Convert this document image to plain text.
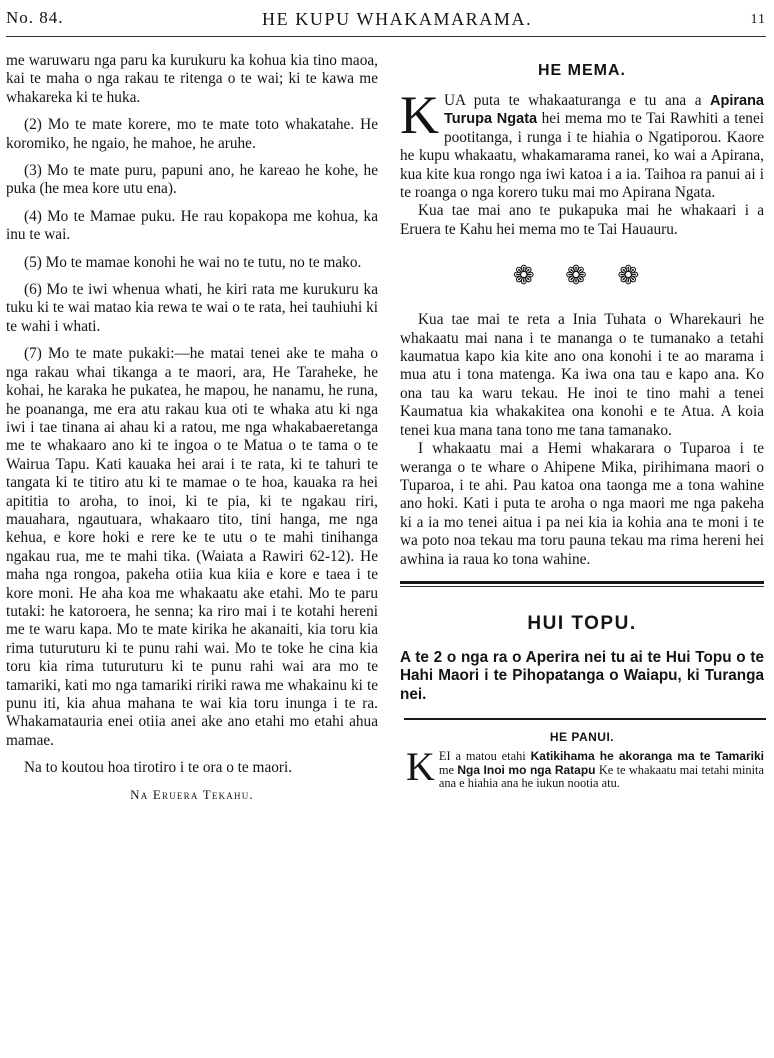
No. 84.	HE KUPU WHAKAMARAMA.	11

me waruwaru nga paru ka kurukuru ka kohua kia tino maoa, kai te maha o nga rakau te ritenga o te wai; ki te kawa me whakareka ki te huka.

(2) Mo te mate korere, mo te mate toto whakatahe. He koromiko, he ngaio, he mahoe, he aruhe.

(3) Mo te mate puru, papuni ano, he kareao he kohe, he puka (he mea kore utu ena).

(4) Mo te Mamae puku. He rau kopakopa me kohua, ka inu te wai.

(5) Mo te mamae konohi he wai no te tutu, no te mako.

(6) Mo te iwi whenua whati, he kiri rata me kurukuru ka tuku ki te wai matao kia rewa te wai o te rata, hei tauhiuhi ki te wahi i whati.

(7) Mo te mate pukaki:—he matai tenei ake te maha o nga rakau whai tikanga a te maori, ara, He Taraheke, he kohai, he karaka he pukatea, he mapou, he nanamu, he runa, he poananga, me era atu rakau kua oti te whaka atu ki nga iwi i tae tinana ai ahau ki a ratou, me nga whakabaeretanga me te whakaaro ano ki te ingoa o te Matua o te tama o te Wairua Tapu. Kati kauaka hei arai i te rata, ki te tahuri te tangata ki te titiro atu ki te mamae o te hoa, kauaka ra hei apititia to aroha, to inoi, ki te pia, ki te ngakau riri, mauahara, ngautuara, whakaaro tito, tini hanga, me nga kehua, e kore hoki e rere ke te utu o te mahi tinihanga ngakau rua, me te mahi tika. (Waiata a Rawiri 62-12). He maha nga rongoa, pakeha otiia kua kiia e kore e taea i te kore moni. He aha koa me whakaatu ake etahi. Mo te paru tutaki: he katoroera, he senna; ka riro mai i te kotahi hereni me te waru kapa. Mo te mate kirika he akanaiti, kia toru kia rima tuturuturu ki te punu rahi wai. Mo te toke he cina kia toru kia rima tuturuturu ki te punu rahi wai ara mo te tamariki, kati mo nga tamariki ririki rawa me whakainu ki te punu iti, kia ahua mahana te wai kia toru inunga i te ra. Whakamatauria enei otiia anei ake ano etahi mo etahi ahua mamae.

Na to koutou hoa tirotiro i te ora o te maori.

Na Eruera Tekahu.
HE MEMA.

KUA puta te whakaaturanga e tu ana a Apirana Turupa Ngata hei mema mo te Tai Rawhiti a tenei pootitanga, i runga i te hiahia o Ngatiporou. Kaore he kupu whakaatu, whakamarama ranei, ko wai a Apirana, kua kite kua rongo nga iwi katoa i a ia. Taihoa ra panui ai i te roanga o nga korero tuku mai mo Apirana Ngata.

Kua tae mai ano te pukapuka mai he whakaari i a Eruera te Kahu hei mema mo te Tai Hauauru.

❁ ❁ ❁

Kua tae mai te reta a Inia Tuhata o Wharekauri he whakaatu mai nana i te mananga o te tumanako a tetahi kaumatua kapo kia kite ano ona konohi i te ao marama i mua atu i tona matenga. Ka iwa ona tau e kapo ana. Ko ona tau ka waru tekau. He inoi te tino mahi a tenei Kaumatua kia whakakitea ona konohi e te Atua. A koia tenei kua mana tana tono me tana tamanako.

I whakaatu mai a Hemi whakarara o Tuparoa i te weranga o te whare o Ahipene Mika, pirihimana maori o Tuparoa, i te ahi. Pau katoa ona taonga me a tona wahine ano hoki. Kati i puta te aroha o nga maori me nga pakeha ki a ia mo tenei aitua i pa nei kia ia kohia ana te moni i te wa poto noa tekau ma toru pauna tekau ma rima hereni hei awhina ia raua ko tona wahine.

HUI TOPU.

A te 2 o nga ra o Aperira nei tu ai te Hui Topu o te Hahi Maori i te Pihopatanga o Waiapu, ki Turanga nei.

HE PANUI.

KEI a matou etahi Katikihama he akoranga ma te Tamariki me Nga Inoi mo nga Ratapu Ke te whakaatu mai tetahi minita ana e hiahia ana he iukun nootia atu.
